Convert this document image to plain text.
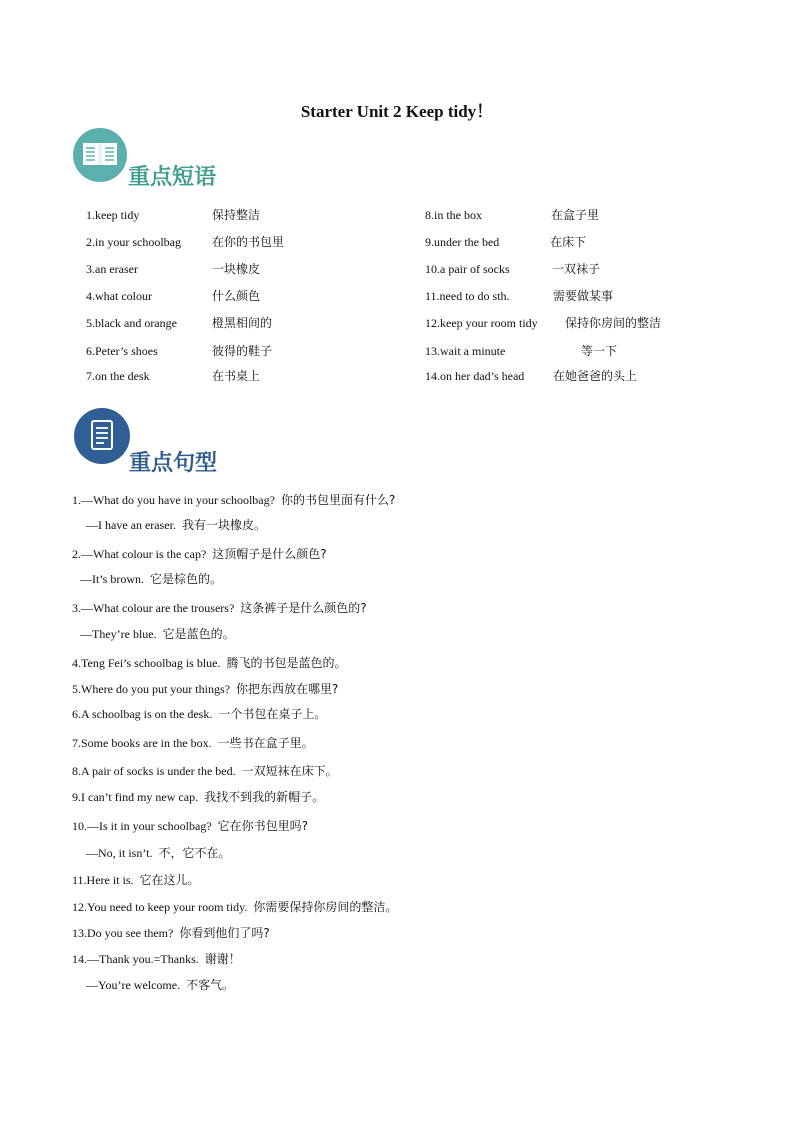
Starter Unit 2 Keep tidy！
重点短语
1.keep tidy	保持整洁
2.in your schoolbag	在你的书包里
3.an eraser	一块橡皮
4.what colour	什么颜色
5.black and orange	橙黑相间的
6.Peter’s shoes	彼得的鞋子
7.on the desk	在书桌上
8.in the box	在盒子里
9.under the bed	在床下
10.a pair of socks	一双袜子
11.need to do sth.	需要做某事
12.keep your room tidy 保持你房间的整洁
13.wait a minute	等一下
14.on her dad’s head 在她爸爸的头上
重点句型
1.—What do you have in your schoolbag? 你的书包里面有什么?
—I have an eraser. 我有一块橡皮。
2.—What colour is the cap? 这顶帽子是什么颜色?
—It’s brown. 它是棕色的。
3.—What colour are the trousers? 这条裤子是什么颜色的?
—They’re blue. 它是蓝色的。
4.Teng Fei’s schoolbag is blue. 腾飞的书包是蓝色的。
5.Where do you put your things? 你把东西放在哪里?
6.A schoolbag is on the desk. 一个书包在桌子上。
7.Some books are in the box. 一些书在盒子里。
8.A pair of socks is under the bed. 一双短袜在床下。
9.I can’t find my new cap. 我找不到我的新帽子。
10.—Is it in your schoolbag? 它在你书包里吗?
—No, it isn’t. 不，它不在。
11.Here it is. 它在这儿。
12.You need to keep your room tidy. 你需要保持你房间的整洁。
13.Do you see them? 你看到他们了吗?
14.—Thank you.=Thanks. 谢谢！
—You’re welcome. 不客气。
